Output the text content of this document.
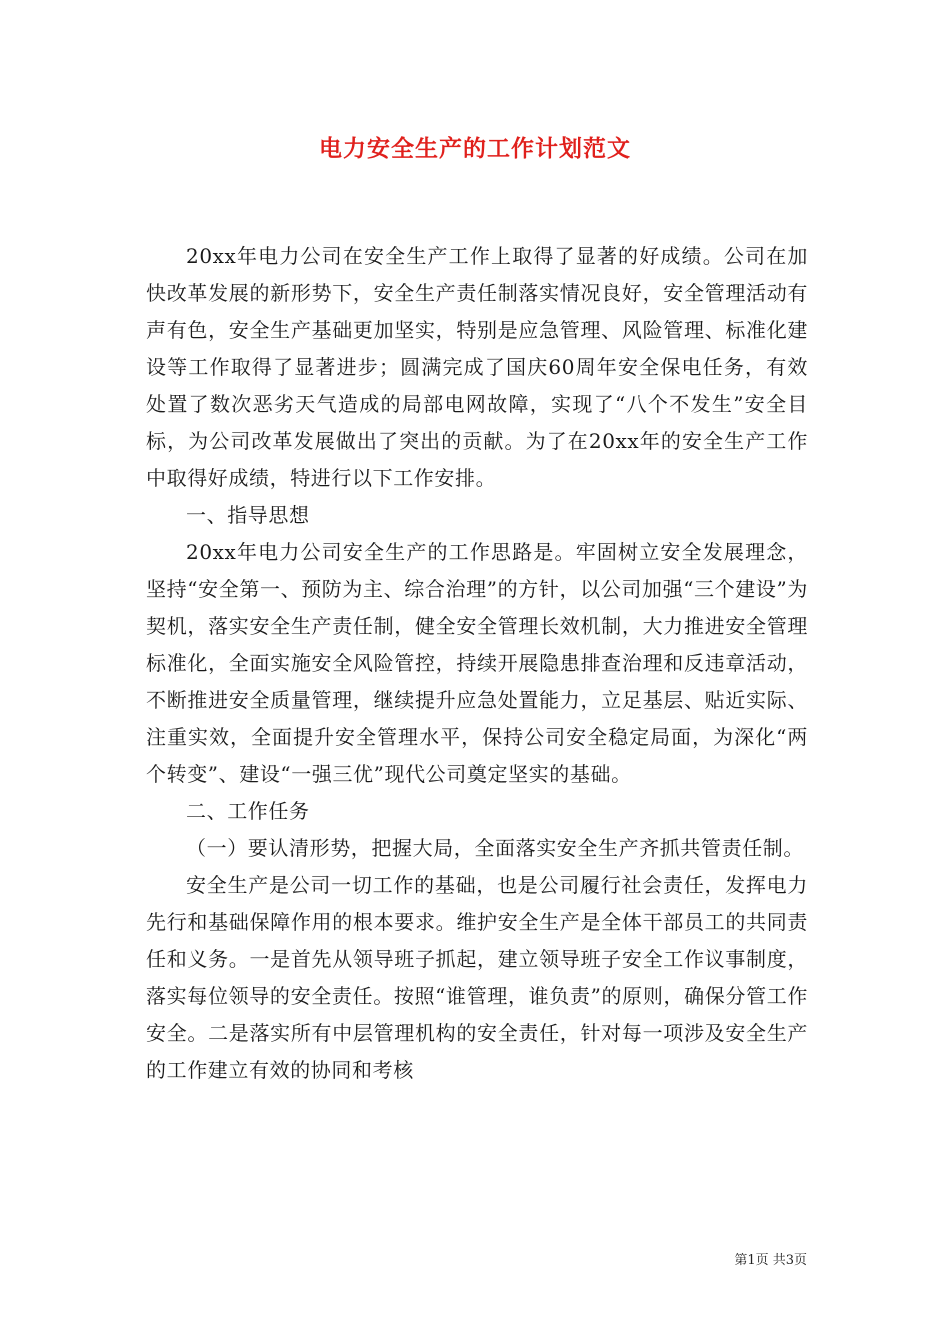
电力安全生产的工作计划范文

20xx年电力公司在安全生产工作上取得了显著的好成绩。公司在加快改革发展的新形势下，安全生产责任制落实情况良好，安全管理活动有声有色，安全生产基础更加坚实，特别是应急管理、风险管理、标准化建设等工作取得了显著进步；圆满完成了国庆60周年安全保电任务，有效处置了数次恶劣天气造成的局部电网故障，实现了“八个不发生”安全目标，为公司改革发展做出了突出的贡献。为了在20xx年的安全生产工作中取得好成绩，特进行以下工作安排。

一、指导思想

20xx年电力公司安全生产的工作思路是。牢固树立安全发展理念，坚持“安全第一、预防为主、综合治理”的方针，以公司加强“三个建设”为契机，落实安全生产责任制，健全安全管理长效机制，大力推进安全管理标准化，全面实施安全风险管控，持续开展隐患排查治理和反违章活动，不断推进安全质量管理，继续提升应急处置能力，立足基层、贴近实际、注重实效，全面提升安全管理水平，保持公司安全稳定局面，为深化“两个转变”、建设“一强三优”现代公司奠定坚实的基础。

二、工作任务

（一）要认清形势，把握大局，全面落实安全生产齐抓共管责任制。

安全生产是公司一切工作的基础，也是公司履行社会责任，发挥电力先行和基础保障作用的根本要求。维护安全生产是全体干部员工的共同责任和义务。一是首先从领导班子抓起，建立领导班子安全工作议事制度，落实每位领导的安全责任。按照“谁管理，谁负责”的原则，确保分管工作安全。二是落实所有中层管理机构的安全责任，针对每一项涉及安全生产的工作建立有效的协同和考核

第1页 共3页
